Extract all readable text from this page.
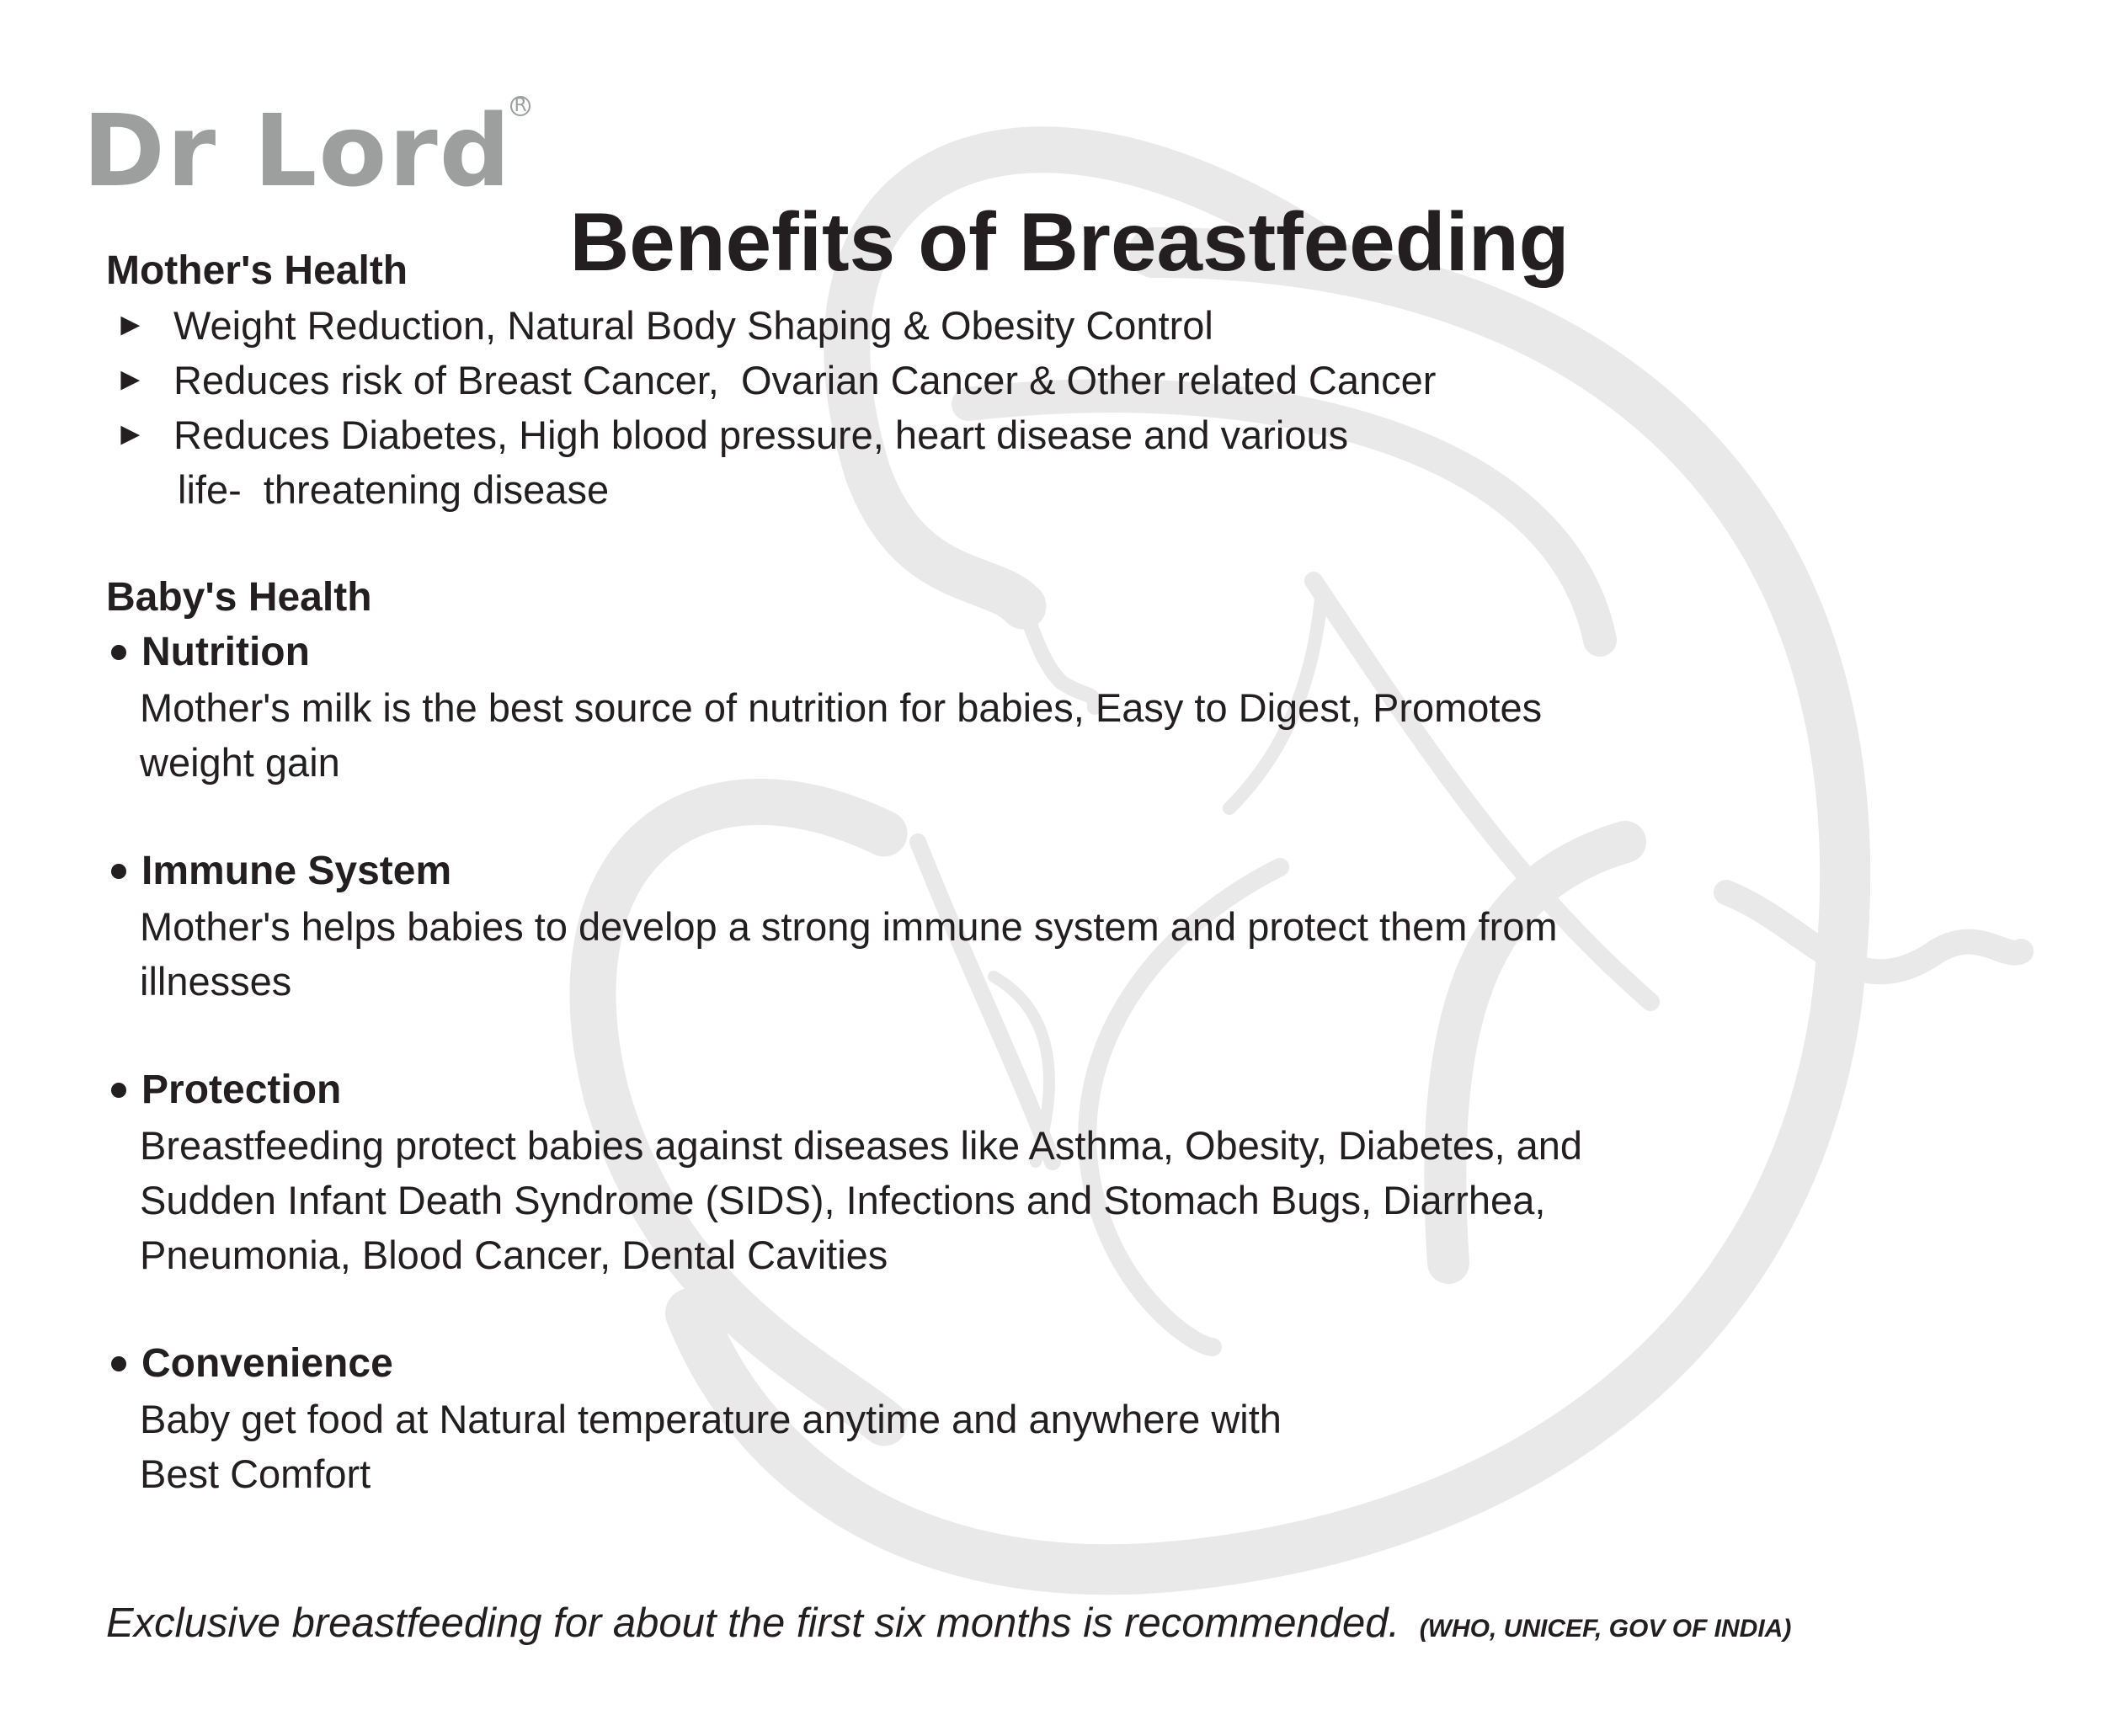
Dr Lord R
Benefits of Breastfeeding
Mother's Health
► Weight Reduction, Natural Body Shaping & Obesity Control
► Reduces risk of Breast Cancer,  Ovarian Cancer & Other related Cancer
► Reduces Diabetes, High blood pressure, heart disease and various
life-  threatening disease
Baby's Health
Nutrition
Mother's milk is the best source of nutrition for babies, Easy to Digest, Promotes
weight gain
Immune System
Mother's helps babies to develop a strong immune system and protect them from
illnesses
Protection
Breastfeeding protect babies against diseases like Asthma, Obesity, Diabetes, and
Sudden Infant Death Syndrome (SIDS), Infections and Stomach Bugs, Diarrhea,
Pneumonia, Blood Cancer, Dental Cavities
Convenience
Baby get food at Natural temperature anytime and anywhere with
Best Comfort

Exclusive breastfeeding for about the first six months is recommended. (WHO, UNICEF, GOV OF INDIA)
